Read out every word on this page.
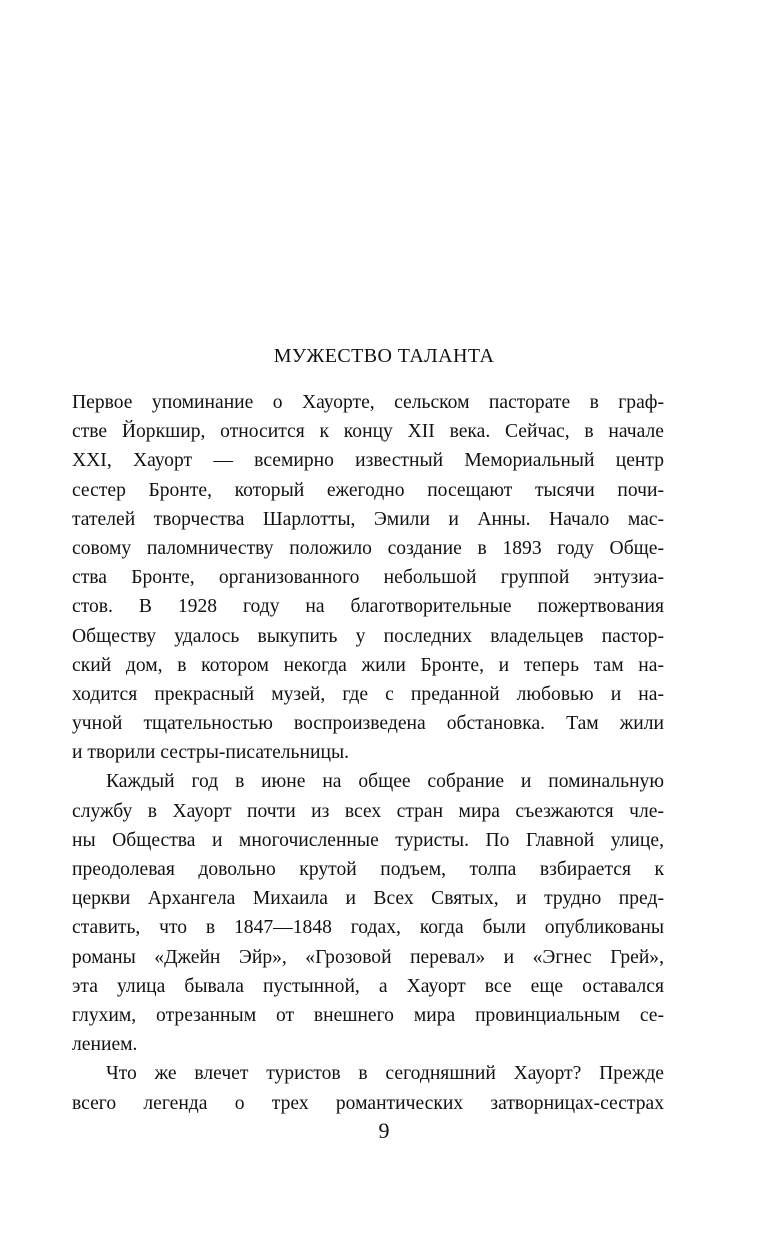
МУЖЕСТВО ТАЛАНТА
Первое упоминание о Хауорте, сельском пасторате в граф-
стве Йоркшир, относится к концу XII века. Сейчас, в начале
XXI, Хауорт — всемирно известный Мемориальный центр
сестер Бронте, который ежегодно посещают тысячи почи-
тателей творчества Шарлотты, Эмили и Анны. Начало мас-
совому паломничеству положило создание в 1893 году Обще-
ства Бронте, организованного небольшой группой энтузиа-
стов. В 1928 году на благотворительные пожертвования
Обществу удалось выкупить у последних владельцев пастор-
ский дом, в котором некогда жили Бронте, и теперь там на-
ходится прекрасный музей, где с преданной любовью и на-
учной тщательностью воспроизведена обстановка. Там жили
и творили сестры-писательницы.
Каждый год в июне на общее собрание и поминальную
службу в Хауорт почти из всех стран мира съезжаются чле-
ны Общества и многочисленные туристы. По Главной улице,
преодолевая довольно крутой подъем, толпа взбирается к
церкви Архангела Михаила и Всех Святых, и трудно пред-
ставить, что в 1847—1848 годах, когда были опубликованы
романы «Джейн Эйр», «Грозовой перевал» и «Эгнес Грей»,
эта улица бывала пустынной, а Хауорт все еще оставался
глухим, отрезанным от внешнего мира провинциальным се-
лением.
Что же влечет туристов в сегодняшний Хауорт? Прежде
всего легенда о трех романтических затворницах-сестрах
9
